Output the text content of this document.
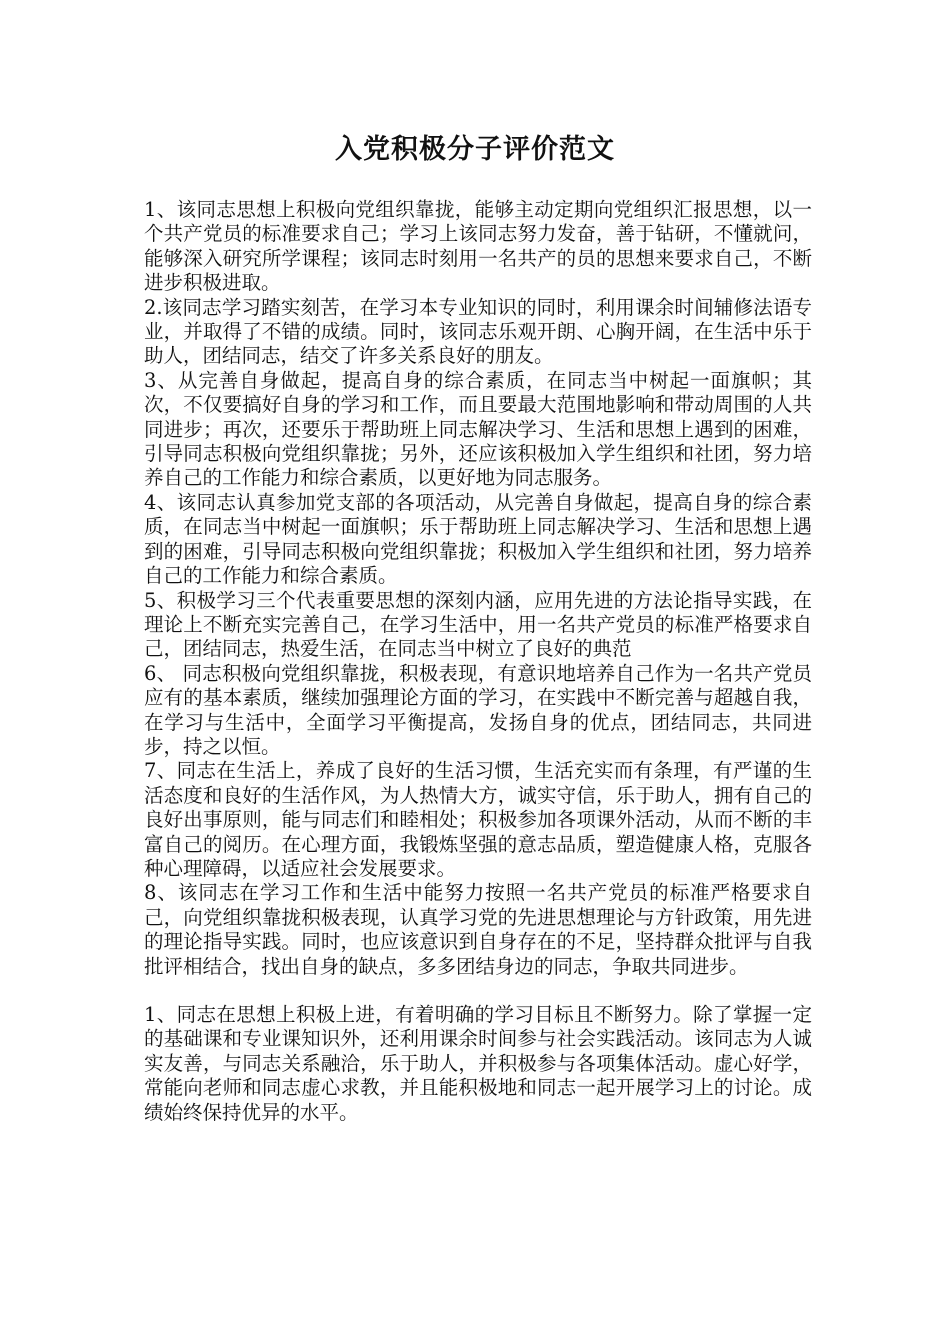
入党积极分子评价范文

1、该同志思想上积极向党组织靠拢，能够主动定期向党组织汇报思想，以一个共产党员的标准要求自己；学习上该同志努力发奋，善于钻研，不懂就问，能够深入研究所学课程；该同志时刻用一名共产的员的思想来要求自己，不断进步积极进取。

2.该同志学习踏实刻苦，在学习本专业知识的同时，利用课余时间辅修法语专业，并取得了不错的成绩。同时，该同志乐观开朗、心胸开阔，在生活中乐于助人，团结同志，结交了许多关系良好的朋友。

3、从完善自身做起，提高自身的综合素质，在同志当中树起一面旗帜；其次，不仅要搞好自身的学习和工作，而且要最大范围地影响和带动周围的人共同进步；再次，还要乐于帮助班上同志解决学习、生活和思想上遇到的困难，引导同志积极向党组织靠拢；另外，还应该积极加入学生组织和社团，努力培养自己的工作能力和综合素质，以更好地为同志服务。

4、该同志认真参加党支部的各项活动，从完善自身做起，提高自身的综合素质，在同志当中树起一面旗帜；乐于帮助班上同志解决学习、生活和思想上遇到的困难，引导同志积极向党组织靠拢；积极加入学生组织和社团，努力培养自己的工作能力和综合素质。

5、积极学习三个代表重要思想的深刻内涵，应用先进的方法论指导实践，在理论上不断充实完善自己，在学习生活中，用一名共产党员的标准严格要求自己，团结同志，热爱生活，在同志当中树立了良好的典范

6、 同志积极向党组织靠拢，积极表现，有意识地培养自己作为一名共产党员应有的基本素质，继续加强理论方面的学习，在实践中不断完善与超越自我，在学习与生活中，全面学习平衡提高，发扬自身的优点，团结同志，共同进步，持之以恒。

7、同志在生活上，养成了良好的生活习惯，生活充实而有条理，有严谨的生活态度和良好的生活作风，为人热情大方，诚实守信，乐于助人，拥有自己的良好出事原则，能与同志们和睦相处；积极参加各项课外活动，从而不断的丰富自己的阅历。在心理方面，我锻炼坚强的意志品质，塑造健康人格，克服各种心理障碍，以适应社会发展要求。

8、该同志在学习工作和生活中能努力按照一名共产党员的标准严格要求自己，向党组织靠拢积极表现，认真学习党的先进思想理论与方针政策，用先进的理论指导实践。同时，也应该意识到自身存在的不足，坚持群众批评与自我批评相结合，找出自身的缺点，多多团结身边的同志，争取共同进步。

1、同志在思想上积极上进，有着明确的学习目标且不断努力。除了掌握一定的基础课和专业课知识外，还利用课余时间参与社会实践活动。该同志为人诚实友善，与同志关系融洽，乐于助人，并积极参与各项集体活动。虚心好学，常能向老师和同志虚心求教，并且能积极地和同志一起开展学习上的讨论。成绩始终保持优异的水平。
